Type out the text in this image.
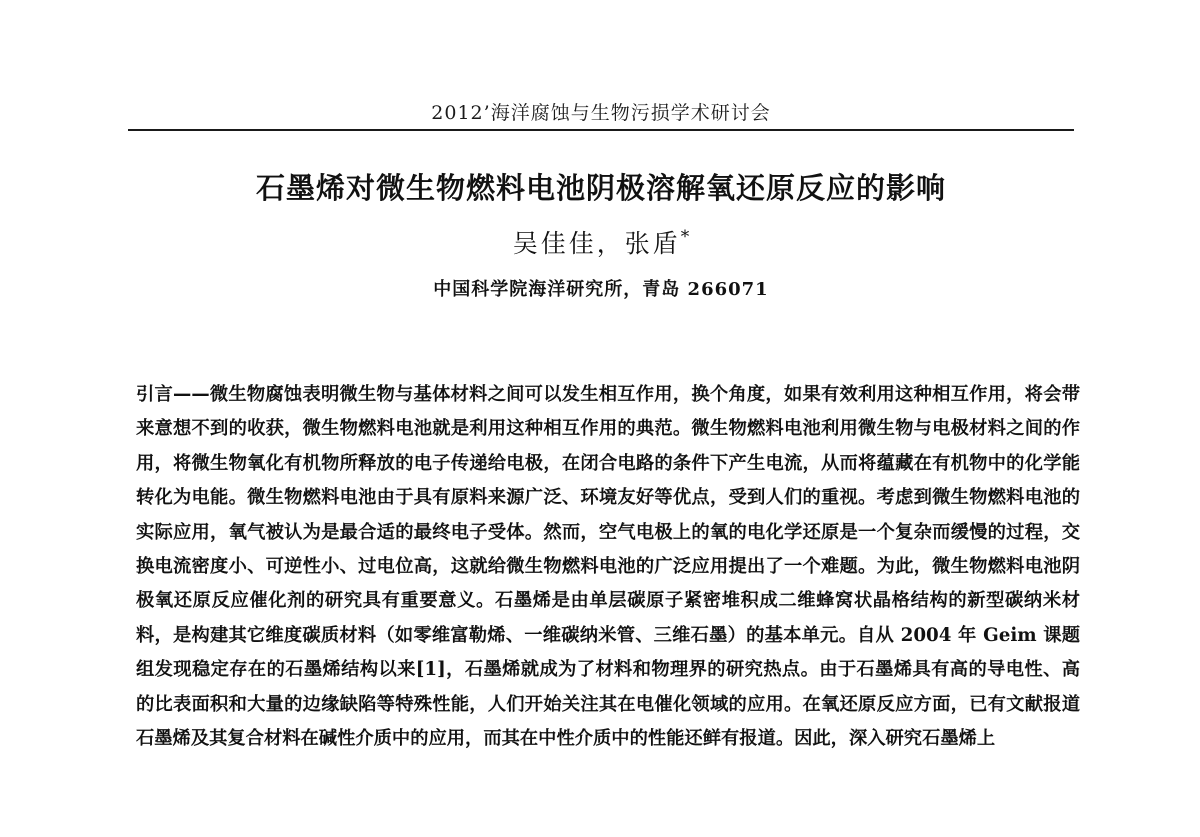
2012’海洋腐蚀与生物污损学术研讨会
石墨烯对微生物燃料电池阴极溶解氧还原反应的影响
吴佳佳，张盾*
中国科学院海洋研究所，青岛 266071

引言——微生物腐蚀表明微生物与基体材料之间可以发生相互作用，换个角度，如果有效利用这种相互作用，将会带来意想不到的收获，微生物燃料电池就是利用这种相互作用的典范。微生物燃料电池利用微生物与电极材料之间的作用，将微生物氧化有机物所释放的电子传递给电极，在闭合电路的条件下产生电流，从而将蕴藏在有机物中的化学能转化为电能。微生物燃料电池由于具有原料来源广泛、环境友好等优点，受到人们的重视。考虑到微生物燃料电池的实际应用，氧气被认为是最合适的最终电子受体。然而，空气电极上的氧的电化学还原是一个复杂而缓慢的过程，交换电流密度小、可逆性小、过电位高，这就给微生物燃料电池的广泛应用提出了一个难题。为此，微生物燃料电池阴极氧还原反应催化剂的研究具有重要意义。石墨烯是由单层碳原子紧密堆积成二维蜂窝状晶格结构的新型碳纳米材料，是构建其它维度碳质材料（如零维富勒烯、一维碳纳米管、三维石墨）的基本单元。自从 2004 年 Geim 课题组发现稳定存在的石墨烯结构以来[1]，石墨烯就成为了材料和物理界的研究热点。由于石墨烯具有高的导电性、高的比表面积和大量的边缘缺陷等特殊性能，人们开始关注其在电催化领域的应用。在氧还原反应方面，已有文献报道石墨烯及其复合材料在碱性介质中的应用，而其在中性介质中的性能还鲜有报道。因此，深入研究石墨烯上
